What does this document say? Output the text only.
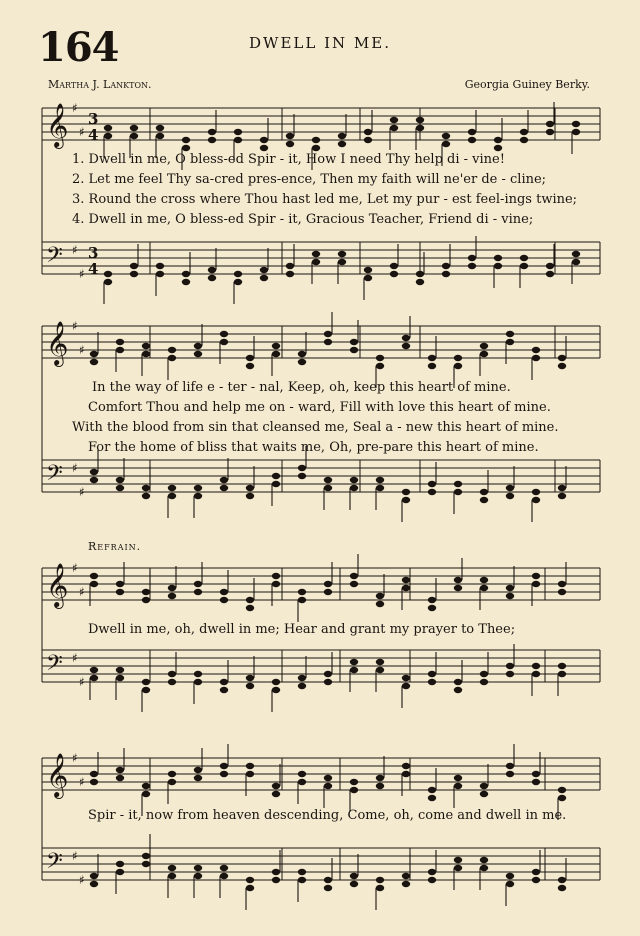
164	DWELL IN ME.
Martha J. Lankton.	Georgia Guiney Berky.
𝄞 ♯
♯
3
4
𝄢 ♯
♯
3
4
𝄞 ♯
♯
𝄢 ♯
♯
𝄞 ♯
♯
𝄢 ♯
♯
𝄞 ♯
♯
𝄢 ♯
♯
1. Dwell in me, O bless-ed Spir - it, How I need Thy help di - vine!
2. Let me feel Thy sa-cred pres-ence, Then my faith will ne'er de - cline;
3. Round the cross where Thou hast led me, Let my pur - est feel-ings twine;
4. Dwell in me, O bless-ed Spir - it, Gracious Teacher, Friend di - vine;
In the way of life e - ter - nal, Keep, oh, keep this heart of mine.
Comfort Thou and help me on - ward, Fill with love this heart of mine.
With the blood from sin that cleansed me, Seal a - new this heart of mine.
For the home of bliss that waits me, Oh, pre-pare this heart of mine.
Refrain.
Dwell in me, oh, dwell in me; Hear and grant my prayer to Thee;
Spir - it, now from heaven descending, Come, oh, come and dwell in me.
